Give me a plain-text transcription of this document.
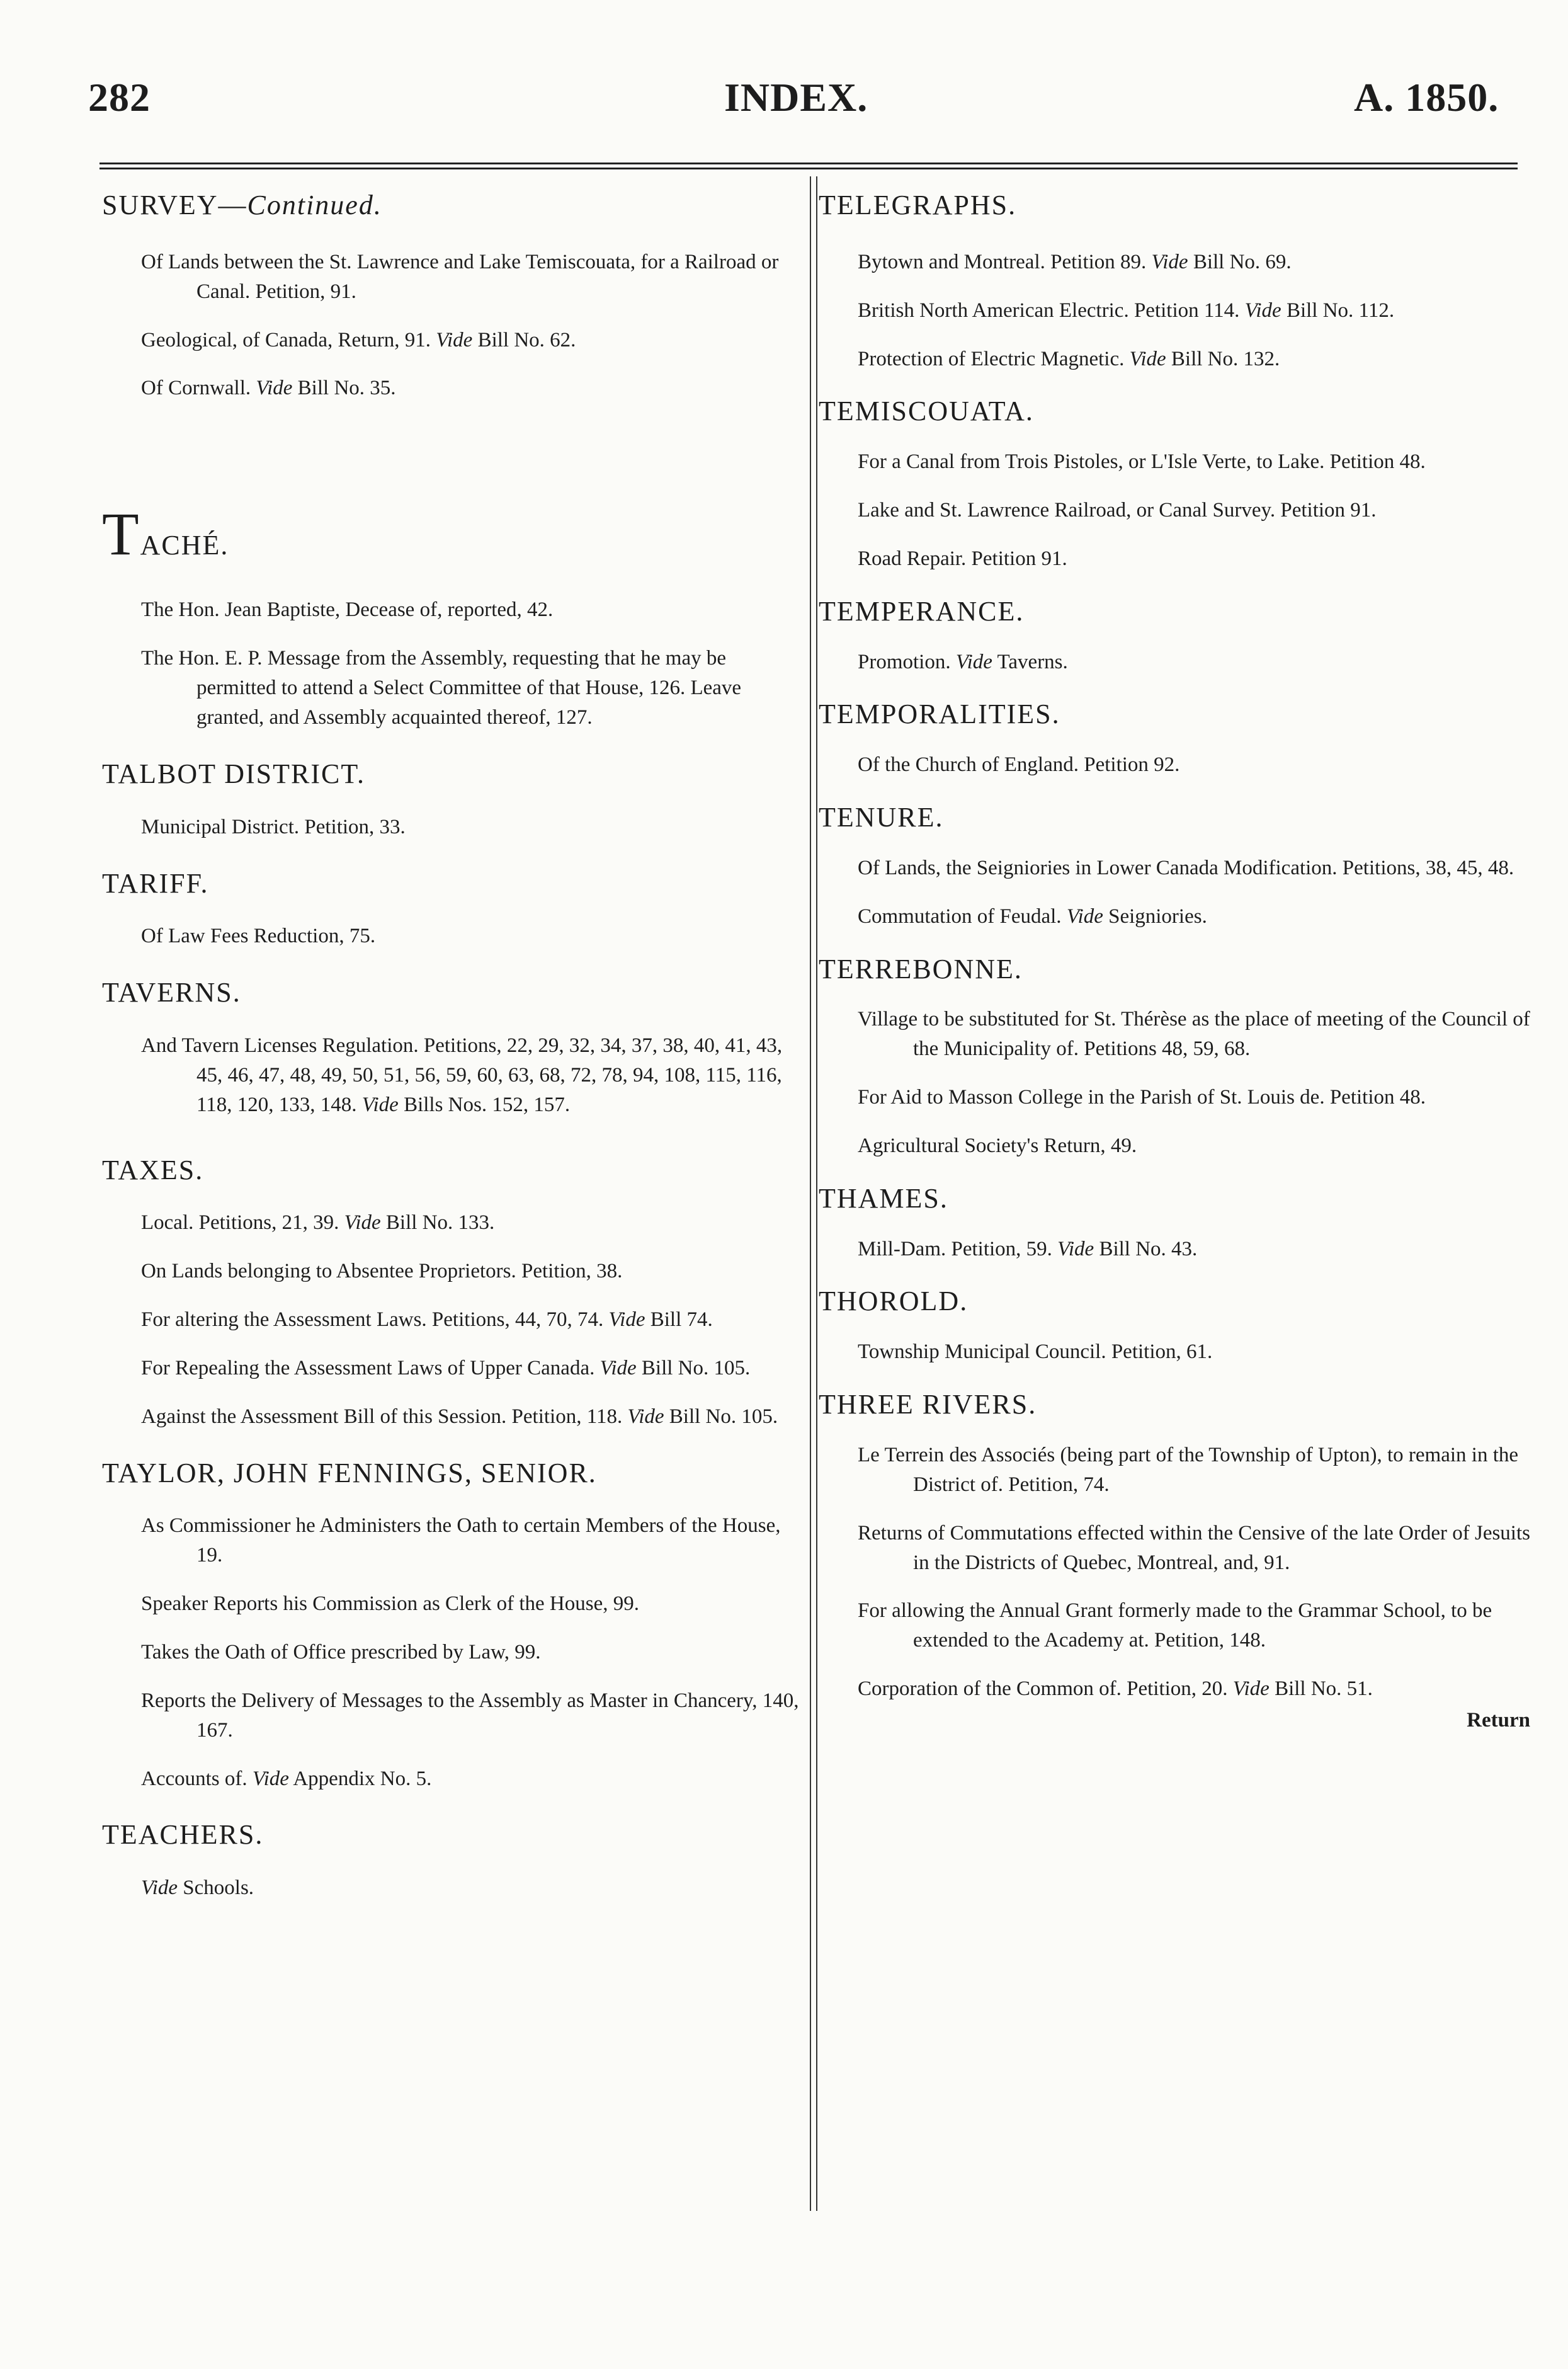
282	INDEX.	A. 1850.

SURVEY—Continued.

Of Lands between the St. Lawrence and Lake Temiscouata, for a Railroad or Canal. Petition, 91.

Geological, of Canada, Return, 91. Vide Bill No. 62.

Of Cornwall. Vide Bill No. 35.

TACHÉ.

The Hon. Jean Baptiste, Decease of, reported, 42.

The Hon. E. P. Message from the Assembly, requesting that he may be permitted to attend a Select Committee of that House, 126. Leave granted, and Assembly acquainted thereof, 127.

TALBOT DISTRICT.

Municipal District. Petition, 33.

TARIFF.

Of Law Fees Reduction, 75.

TAVERNS.

And Tavern Licenses Regulation. Petitions, 22, 29, 32, 34, 37, 38, 40, 41, 43, 45, 46, 47, 48, 49, 50, 51, 56, 59, 60, 63, 68, 72, 78, 94, 108, 115, 116, 118, 120, 133, 148. Vide Bills Nos. 152, 157.

TAXES.

Local. Petitions, 21, 39. Vide Bill No. 133.

On Lands belonging to Absentee Proprietors. Petition, 38.

For altering the Assessment Laws. Petitions, 44, 70, 74. Vide Bill 74.

For Repealing the Assessment Laws of Upper Canada. Vide Bill No. 105.

Against the Assessment Bill of this Session. Petition, 118. Vide Bill No. 105.

TAYLOR, JOHN FENNINGS, SENIOR.

As Commissioner he Administers the Oath to certain Members of the House, 19.

Speaker Reports his Commission as Clerk of the House, 99.

Takes the Oath of Office prescribed by Law, 99.

Reports the Delivery of Messages to the Assembly as Master in Chancery, 140, 167.

Accounts of. Vide Appendix No. 5.

TEACHERS.

Vide Schools.

TELEGRAPHS.

Bytown and Montreal. Petition 89. Vide Bill No. 69.

British North American Electric. Petition 114. Vide Bill No. 112.

Protection of Electric Magnetic. Vide Bill No. 132.

TEMISCOUATA.

For a Canal from Trois Pistoles, or L'Isle Verte, to Lake. Petition 48.

Lake and St. Lawrence Railroad, or Canal Survey. Petition 91.

Road Repair. Petition 91.

TEMPERANCE.

Promotion. Vide Taverns.

TEMPORALITIES.

Of the Church of England. Petition 92.

TENURE.

Of Lands, the Seigniories in Lower Canada Modification. Petitions, 38, 45, 48.

Commutation of Feudal. Vide Seigniories.

TERREBONNE.

Village to be substituted for St. Thérèse as the place of meeting of the Council of the Municipality of. Petitions 48, 59, 68.

For Aid to Masson College in the Parish of St. Louis de. Petition 48.

Agricultural Society's Return, 49.

THAMES.

Mill-Dam. Petition, 59. Vide Bill No. 43.

THOROLD.

Township Municipal Council. Petition, 61.

THREE RIVERS.

Le Terrein des Associés (being part of the Township of Upton), to remain in the District of. Petition, 74.

Returns of Commutations effected within the Censive of the late Order of Jesuits in the Districts of Quebec, Montreal, and, 91.

For allowing the Annual Grant formerly made to the Grammar School, to be extended to the Academy at. Petition, 148.

Corporation of the Common of. Petition, 20. Vide Bill No. 51.

Return
